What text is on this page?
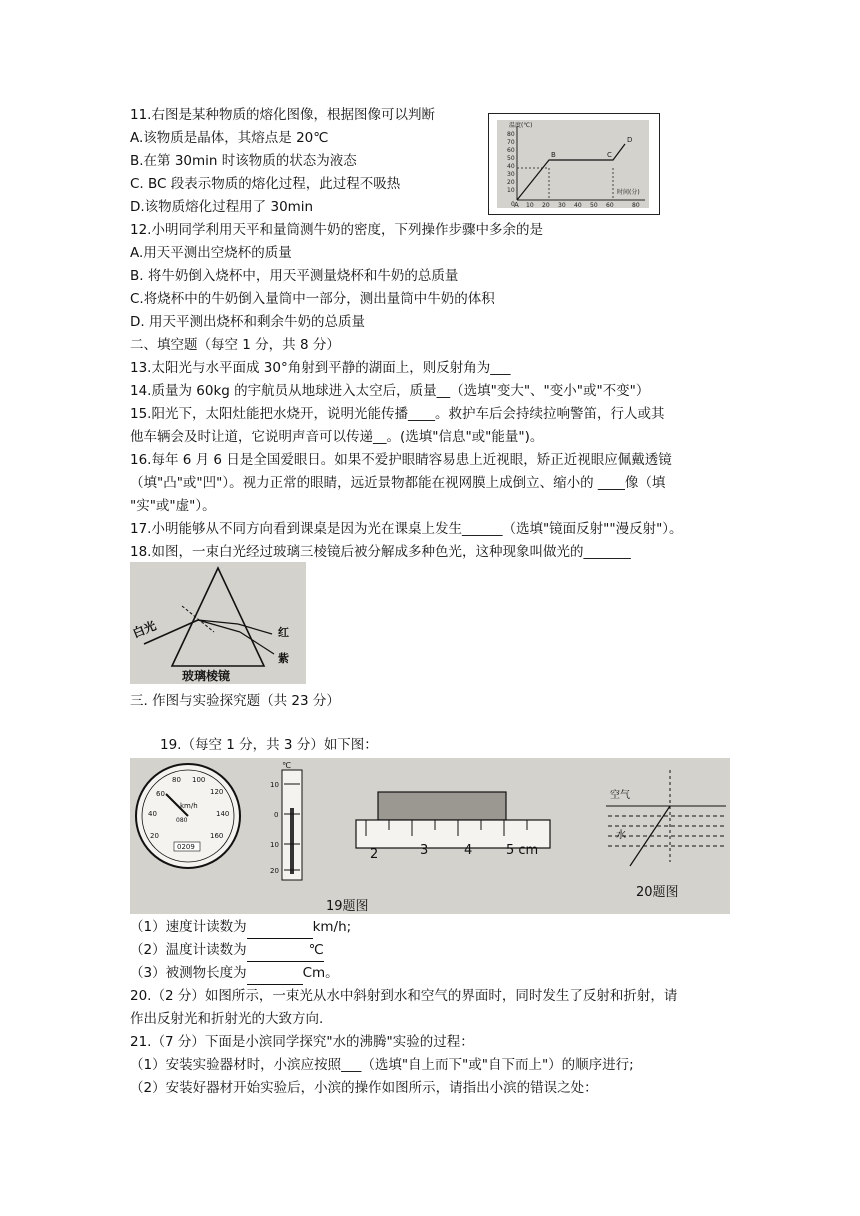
11.右图是某种物质的熔化图像，根据图像可以判断
A.该物质是晶体，其熔点是 20℃
B.在第 30min 时该物质的状态为液态
C. BC 段表示物质的熔化过程，此过程不吸热
D.该物质熔化过程用了 30min
温度(℃)
80
70
60
50
40
30
20
10
0 10 20 30 40 50 60	80
时间(分)
A
B	C
D
12.小明同学利用天平和量筒测牛奶的密度，下列操作步骤中多余的是
A.用天平测出空烧杯的质量
B. 将牛奶倒入烧杯中，用天平测量烧杯和牛奶的总质量
C.将烧杯中的牛奶倒入量筒中一部分，测出量筒中牛奶的体积
D. 用天平测出烧杯和剩余牛奶的总质量
二、填空题（每空 1 分，共 8 分）
13.太阳光与水平面成 30°角射到平静的湖面上，则反射角为___
14.质量为 60kg 的宇航员从地球进入太空后，质量__（选填"变大"、"变小"或"不变"）
15.阳光下，太阳灶能把水烧开，说明光能传播____。救护车后会持续拉响警笛，行人或其
他车辆会及时让道，它说明声音可以传递__。(选填"信息"或"能量")。
16.每年 6 月 6 日是全国爱眼日。如果不爱护眼睛容易患上近视眼，矫正近视眼应佩戴透镜
（填"凸"或"凹"）。视力正常的眼睛，远近景物都能在视网膜上成倒立、缩小的 ____像（填
"实"或"虚"）。
17.小明能够从不同方向看到课桌是因为光在课桌上发生______（选填"镜面反射""漫反射"）。
18.如图，一束白光经过玻璃三棱镜后被分解成多种色光，这种现象叫做光的_______
白光	红
紫
玻璃棱镜
三. 作图与实验探究题（共 23 分）
19.（每空 1 分，共 3 分）如下图：
20
40
60
80 100
120
140
160
km/h
080
0209
℃
10
0
10
20
2	3	4	5 cm
19题图
空气
水
20题图
（1）速度计读数为	km/h;
（2）温度计读数为	℃
（3）被测物长度为	Cm。
20.（2 分）如图所示，一束光从水中斜射到水和空气的界面时，同时发生了反射和折射，请
作出反射光和折射光的大致方向.
21.（7 分）下面是小滨同学探究"水的沸腾"实验的过程：
（1）安装实验器材时，小滨应按照___（选填"自上而下"或"自下而上"）的顺序进行;
（2）安装好器材开始实验后，小滨的操作如图所示，请指出小滨的错误之处：
